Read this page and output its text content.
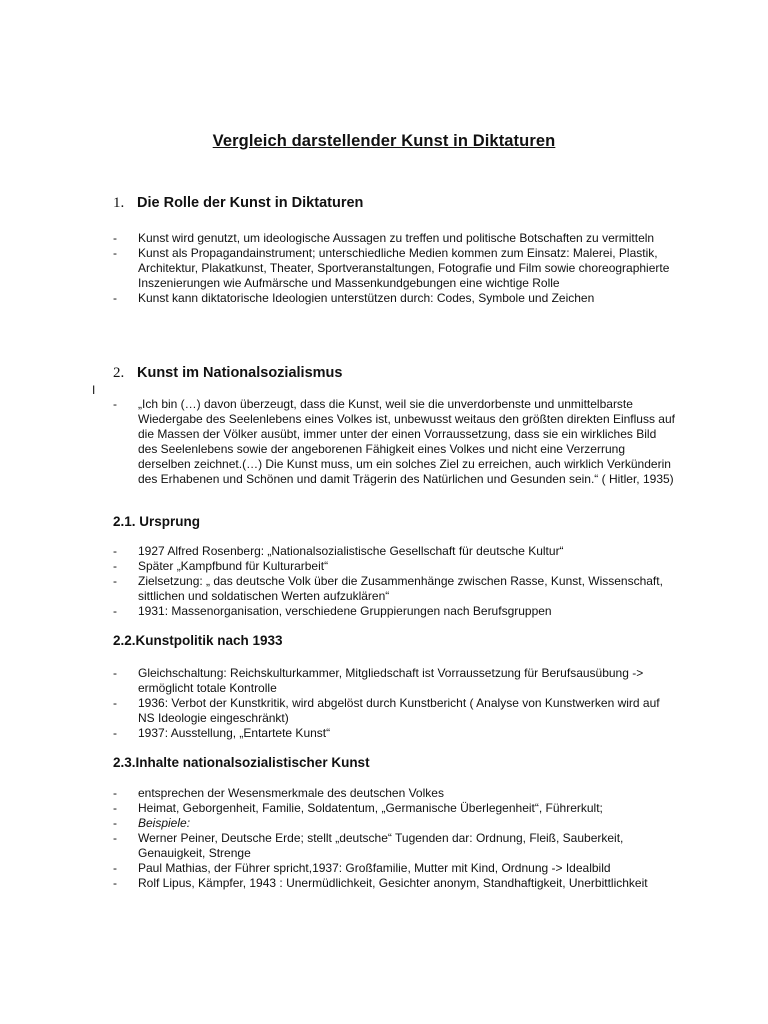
Vergleich darstellender Kunst in Diktaturen
1. Die Rolle der Kunst in Diktaturen
- Kunst wird genutzt, um ideologische Aussagen zu treffen und politische Botschaften zu vermitteln
- Kunst als Propagandainstrument; unterschiedliche Medien kommen zum Einsatz: Malerei, Plastik, Architektur, Plakatkunst, Theater, Sportveranstaltungen, Fotografie und Film sowie choreographierte Inszenierungen wie Aufmärsche und Massenkundgebungen eine wichtige Rolle
- Kunst kann diktatorische Ideologien unterstützen durch: Codes, Symbole und Zeichen
2. Kunst im Nationalsozialismus
I
- „Ich bin (…) davon überzeugt, dass die Kunst, weil sie die unverdorbenste und unmittelbarste Wiedergabe des Seelenlebens eines Volkes ist, unbewusst weitaus den größten direkten Einfluss auf die Massen der Völker ausübt, immer unter der einen Vorraussetzung, dass sie ein wirkliches Bild des Seelenlebens sowie der angeborenen Fähigkeit eines Volkes und nicht eine Verzerrung derselben zeichnet.(…) Die Kunst muss, um ein solches Ziel zu erreichen, auch wirklich Verkünderin des Erhabenen und Schönen und damit Trägerin des Natürlichen und Gesunden sein.“ ( Hitler, 1935)
2.1. Ursprung
- 1927 Alfred Rosenberg: „Nationalsozialistische Gesellschaft für deutsche Kultur“
- Später „Kampfbund für Kulturarbeit“
- Zielsetzung: „ das deutsche Volk über die Zusammenhänge zwischen Rasse, Kunst, Wissenschaft, sittlichen und soldatischen Werten aufzuklären“
- 1931: Massenorganisation, verschiedene Gruppierungen nach Berufsgruppen
2.2.Kunstpolitik nach 1933
- Gleichschaltung: Reichskulturkammer, Mitgliedschaft ist Vorraussetzung für Berufsausübung -> ermöglicht totale Kontrolle
- 1936: Verbot der Kunstkritik, wird abgelöst durch Kunstbericht ( Analyse von Kunstwerken wird auf NS Ideologie eingeschränkt)
- 1937: Ausstellung, „Entartete Kunst“
2.3.Inhalte nationalsozialistischer Kunst
- entsprechen der Wesensmerkmale des deutschen Volkes
- Heimat, Geborgenheit, Familie, Soldatentum, „Germanische Überlegenheit“, Führerkult;
- Beispiele:
- Werner Peiner, Deutsche Erde; stellt „deutsche“ Tugenden dar: Ordnung, Fleiß, Sauberkeit, Genauigkeit, Strenge
- Paul Mathias, der Führer spricht,1937: Großfamilie, Mutter mit Kind, Ordnung -> Idealbild
- Rolf Lipus, Kämpfer, 1943 : Unermüdlichkeit, Gesichter anonym, Standhaftigkeit, Unerbittlichkeit
